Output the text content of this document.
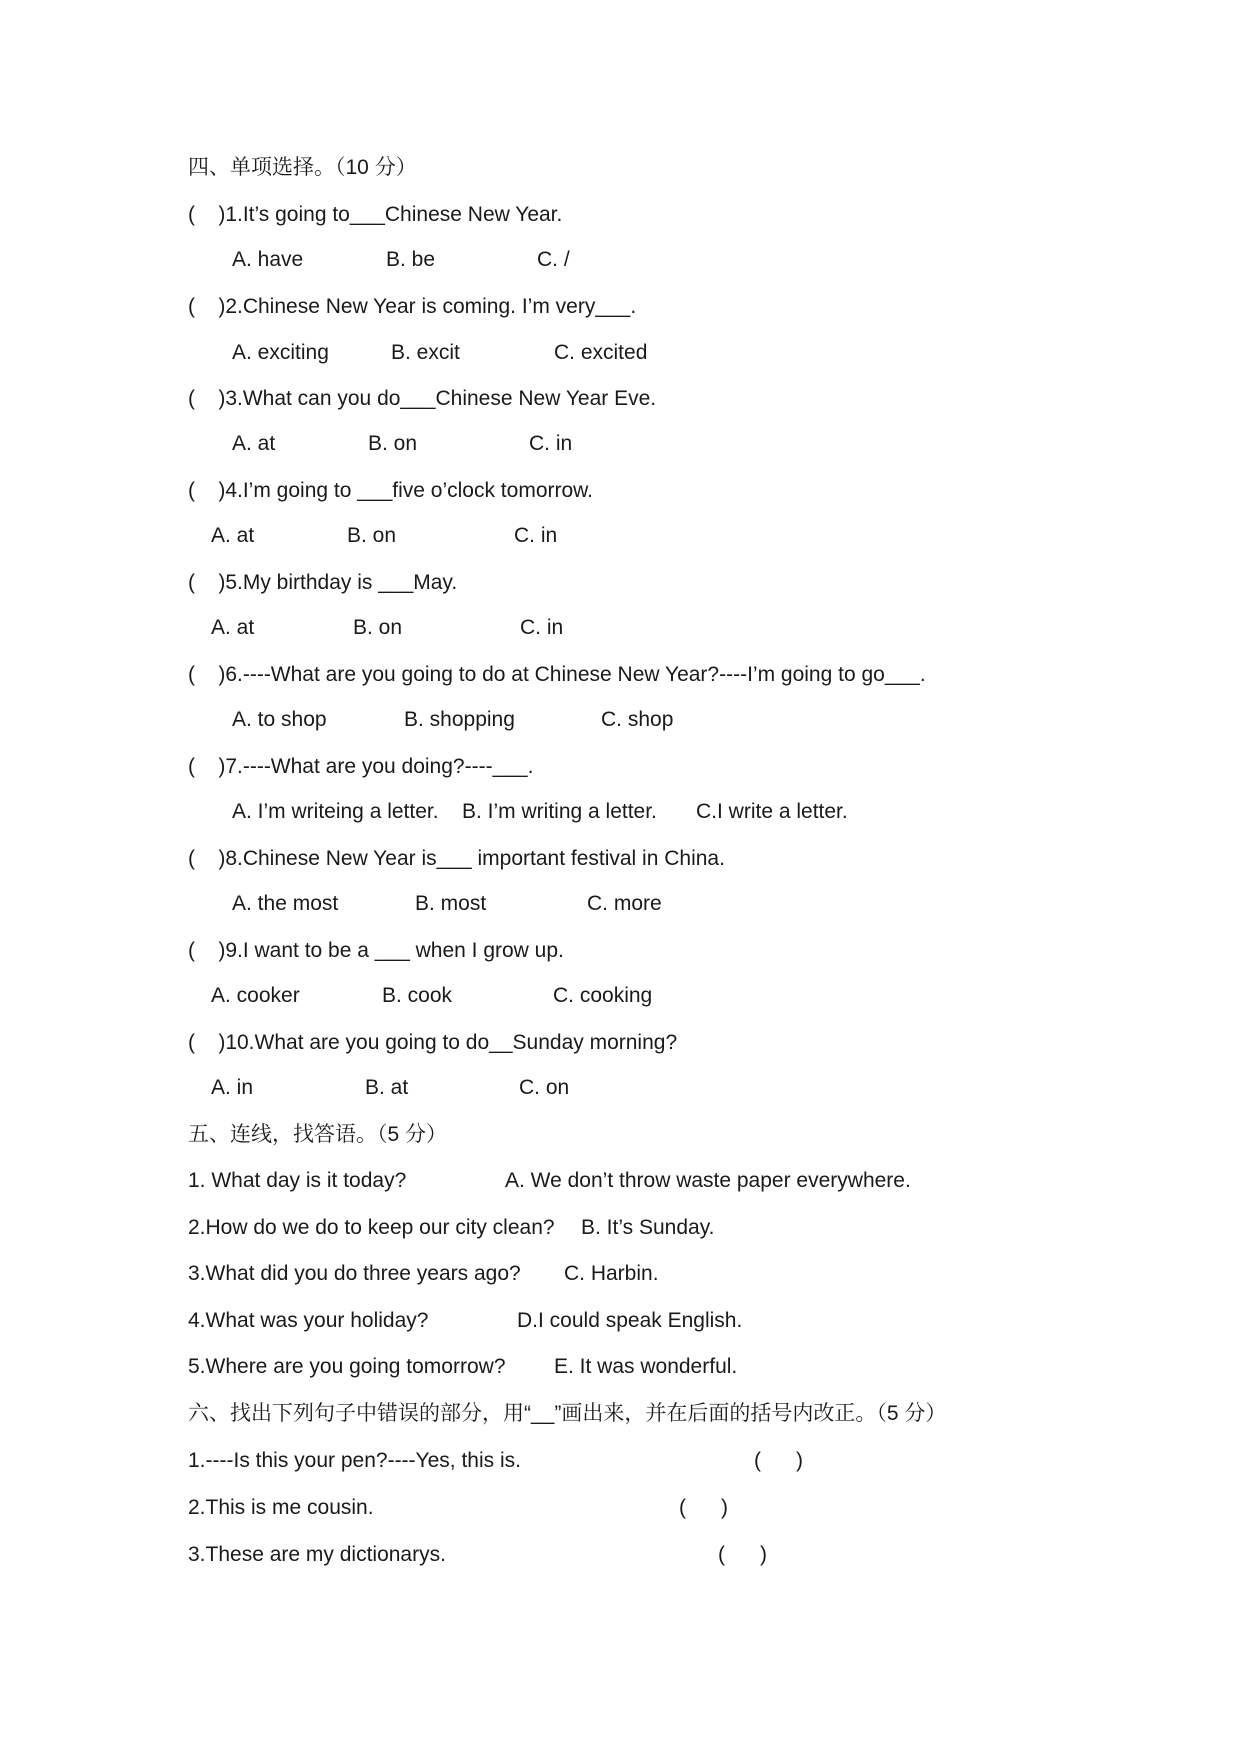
四、单项选择。（10 分）
(    )1.It’s going to___Chinese New Year.
A. have	B. be	C. /
(    )2.Chinese New Year is coming. I’m very___.
A. exciting	B. excit	C. excited
(    )3.What can you do___Chinese New Year Eve.
A. at	B. on	C. in
(    )4.I’m going to ___five o’clock tomorrow.
A. at	B. on	C. in
(    )5.My birthday is ___May.
A. at	B. on	C. in
(    )6.----What are you going to do at Chinese New Year?----I’m going to go___.
A. to shop	B. shopping	C. shop
(    )7.----What are you doing?----___.
A. I’m writeing a letter. B. I’m writing a letter. C.I write a letter.
(    )8.Chinese New Year is___ important festival in China.
A. the most	B. most	C. more
(    )9.I want to be a ___ when I grow up.
A. cooker	B. cook	C. cooking
(    )10.What are you going to do__Sunday morning?
A. in	B. at	C. on
五、连线，找答语。（5 分）
1. What day is it today?	A. We don’t throw waste paper everywhere.
2.How do we do to keep our city clean? B. It’s Sunday.
3.What did you do three years ago? C. Harbin.
4.What was your holiday?	D.I could speak English.
5.Where are you going tomorrow? E. It was wonderful.
六、找出下列句子中错误的部分，用“__”画出来，并在后面的括号内改正。（5 分）
1.----Is this your pen?----Yes, this is.	(      )
2.This is me cousin.	(      )
3.These are my dictionarys.	(      )
